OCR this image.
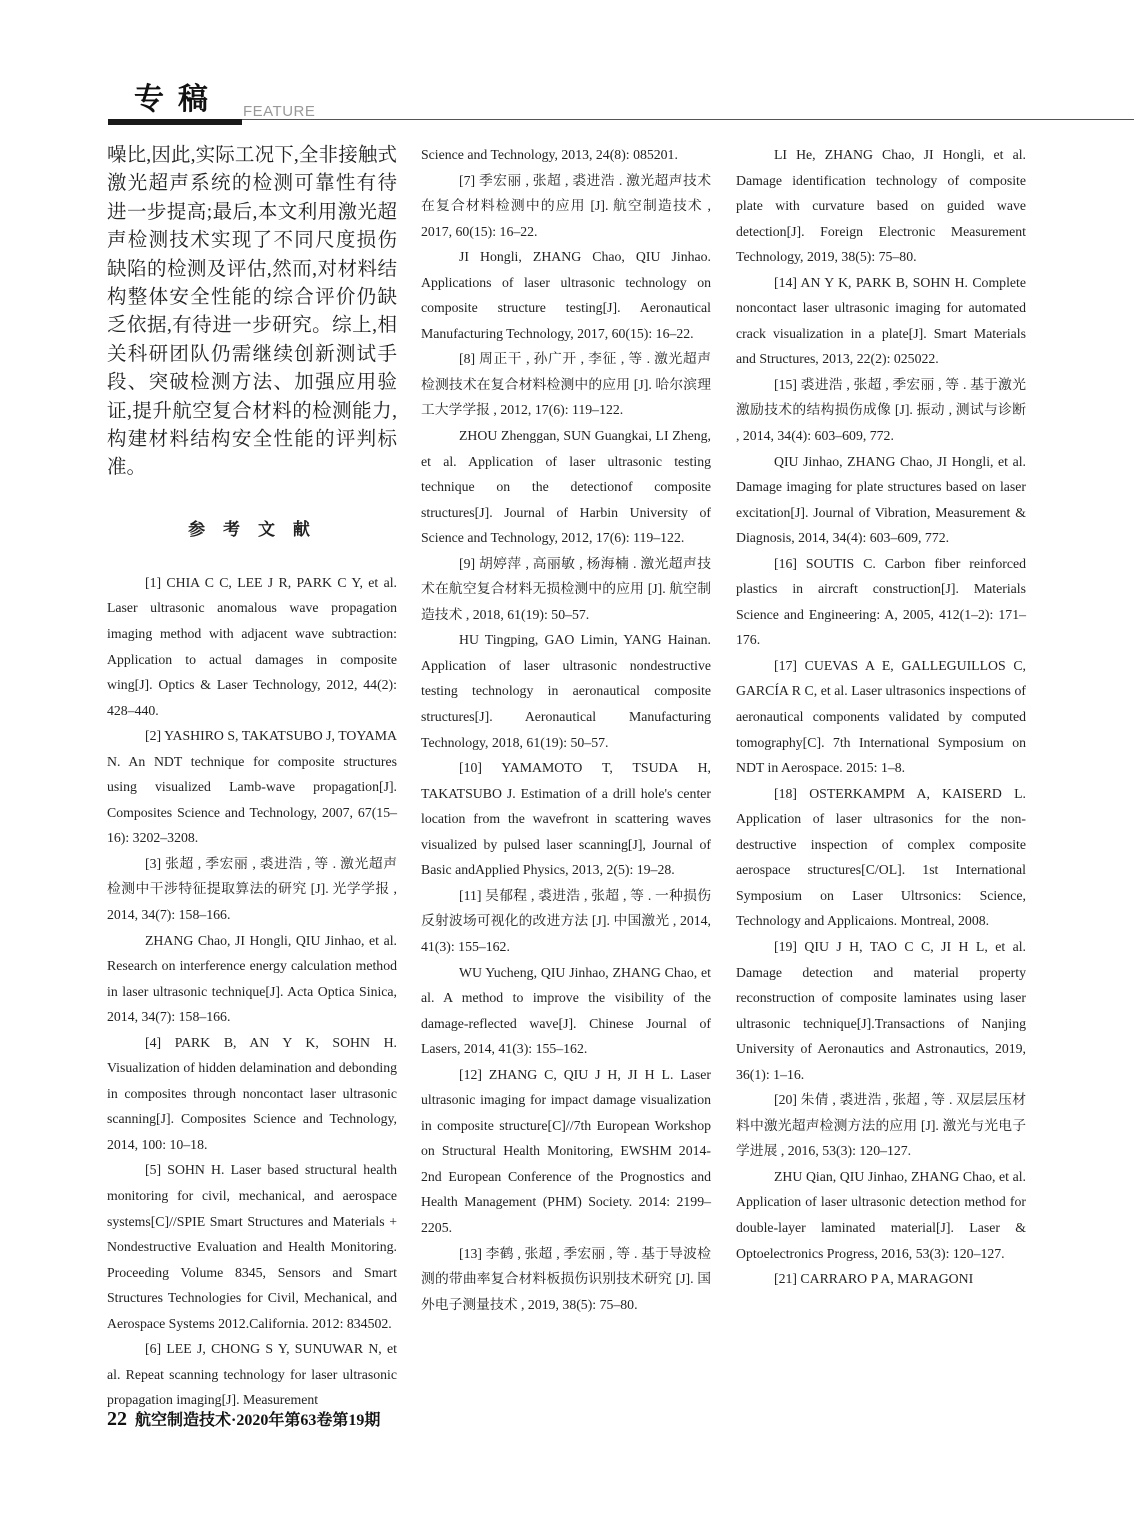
专稿 FEATURE

噪比,因此,实际工况下,全非接触式激光超声系统的检测可靠性有待进一步提高;最后,本文利用激光超声检测技术实现了不同尺度损伤缺陷的检测及评估,然而,对材料结构整体安全性能的综合评价仍缺乏依据,有待进一步研究。综上,相关科研团队仍需继续创新测试手段、突破检测方法、加强应用验证,提升航空复合材料的检测能力,构建材料结构安全性能的评判标准。

参 考 文 献

[1] CHIA C C, LEE J R, PARK C Y, et al. Laser ultrasonic anomalous wave propagation imaging method with adjacent wave subtraction: Application to actual damages in composite wing[J]. Optics & Laser Technology, 2012, 44(2): 428–440.

[2] YASHIRO S, TAKATSUBO J, TOYAMA N. An NDT technique for composite structures using visualized Lamb-wave propagation[J]. Composites Science and Technology, 2007, 67(15–16): 3202–3208.

[3] 张超 , 季宏丽 , 裘进浩 , 等 . 激光超声检测中干涉特征提取算法的研究 [J]. 光学学报 , 2014, 34(7): 158–166.

ZHANG Chao, JI Hongli, QIU Jinhao, et al. Research on interference energy calculation method in laser ultrasonic technique[J]. Acta Optica Sinica, 2014, 34(7): 158–166.

[4] PARK B, AN Y K, SOHN H. Visualization of hidden delamination and debonding in composites through noncontact laser ultrasonic scanning[J]. Composites Science and Technology, 2014, 100: 10–18.

[5] SOHN H. Laser based structural health monitoring for civil, mechanical, and aerospace systems[C]//SPIE Smart Structures and Materials + Nondestructive Evaluation and Health Monitoring. Proceeding Volume 8345, Sensors and Smart Structures Technologies for Civil, Mechanical, and Aerospace Systems 2012.California. 2012: 834502.

[6] LEE J, CHONG S Y, SUNUWAR N, et al. Repeat scanning technology for laser ultrasonic propagation imaging[J]. Measurement

Science and Technology, 2013, 24(8): 085201.

[7] 季宏丽 , 张超 , 裘进浩 . 激光超声技术在复合材料检测中的应用 [J]. 航空制造技术 , 2017, 60(15): 16–22.

JI Hongli, ZHANG Chao, QIU Jinhao. Applications of laser ultrasonic technology on composite structure testing[J]. Aeronautical Manufacturing Technology, 2017, 60(15): 16–22.

[8] 周正干 , 孙广开 , 李征 , 等 . 激光超声检测技术在复合材料检测中的应用 [J]. 哈尔滨理工大学学报 , 2012, 17(6): 119–122.

ZHOU Zhenggan, SUN Guangkai, LI Zheng, et al. Application of laser ultrasonic testing technique on the detectionof composite structures[J]. Journal of Harbin University of Science and Technology, 2012, 17(6): 119–122.

[9] 胡婷萍 , 高丽敏 , 杨海楠 . 激光超声技术在航空复合材料无损检测中的应用 [J]. 航空制造技术 , 2018, 61(19): 50–57.

HU Tingping, GAO Limin, YANG Hainan. Application of laser ultrasonic nondestructive testing technology in aeronautical composite structures[J]. Aeronautical Manufacturing Technology, 2018, 61(19): 50–57.

[10] YAMAMOTO T, TSUDA H, TAKATSUBO J. Estimation of a drill hole's center location from the wavefront in scattering waves visualized by pulsed laser scanning[J], Journal of Basic andApplied Physics, 2013, 2(5): 19–28.

[11] 吴郁程 , 裘进浩 , 张超 , 等 . 一种损伤反射波场可视化的改进方法 [J]. 中国激光 , 2014, 41(3): 155–162.

WU Yucheng, QIU Jinhao, ZHANG Chao, et al. A method to improve the visibility of the damage-reflected wave[J]. Chinese Journal of Lasers, 2014, 41(3): 155–162.

[12] ZHANG C, QIU J H, JI H L. Laser ultrasonic imaging for impact damage visualization in composite structure[C]//7th European Workshop on Structural Health Monitoring, EWSHM 2014-2nd European Conference of the Prognostics and Health Management (PHM) Society. 2014: 2199–2205.

[13] 李鹤 , 张超 , 季宏丽 , 等 . 基于导波检测的带曲率复合材料板损伤识别技术研究 [J]. 国外电子测量技术 , 2019, 38(5): 75–80.

LI He, ZHANG Chao, JI Hongli, et al. Damage identification technology of composite plate with curvature based on guided wave detection[J]. Foreign Electronic Measurement Technology, 2019, 38(5): 75–80.

[14] AN Y K, PARK B, SOHN H. Complete noncontact laser ultrasonic imaging for automated crack visualization in a plate[J]. Smart Materials and Structures, 2013, 22(2): 025022.

[15] 裘进浩 , 张超 , 季宏丽 , 等 . 基于激光激励技术的结构损伤成像 [J]. 振动 , 测试与诊断 , 2014, 34(4): 603–609, 772.

QIU Jinhao, ZHANG Chao, JI Hongli, et al. Damage imaging for plate structures based on laser excitation[J]. Journal of Vibration, Measurement & Diagnosis, 2014, 34(4): 603–609, 772.

[16] SOUTIS C. Carbon fiber reinforced plastics in aircraft construction[J]. Materials Science and Engineering: A, 2005, 412(1–2): 171–176.

[17] CUEVAS A E, GALLEGUILLOS C, GARCÍA R C, et al. Laser ultrasonics inspections of aeronautical components validated by computed tomography[C]. 7th International Symposium on NDT in Aerospace. 2015: 1–8.

[18] OSTERKAMPM A, KAISERD L. Application of laser ultrasonics for the non-destructive inspection of complex composite aerospace structures[C/OL]. 1st International Symposium on Laser Ultrsonics: Science, Technology and Applicaions. Montreal, 2008.

[19] QIU J H, TAO C C, JI H L, et al. Damage detection and material property reconstruction of composite laminates using laser ultrasonic technique[J].Transactions of Nanjing University of Aeronautics and Astronautics, 2019, 36(1): 1–16.

[20] 朱倩 , 裘进浩 , 张超 , 等 . 双层层压材料中激光超声检测方法的应用 [J]. 激光与光电子学进展 , 2016, 53(3): 120–127.

ZHU Qian, QIU Jinhao, ZHANG Chao, et al. Application of laser ultrasonic detection method for double-layer laminated material[J]. Laser & Optoelectronics Progress, 2016, 53(3): 120–127.

[21] CARRARO P A, MARAGONI

22 航空制造技术·2020年第63卷第19期
